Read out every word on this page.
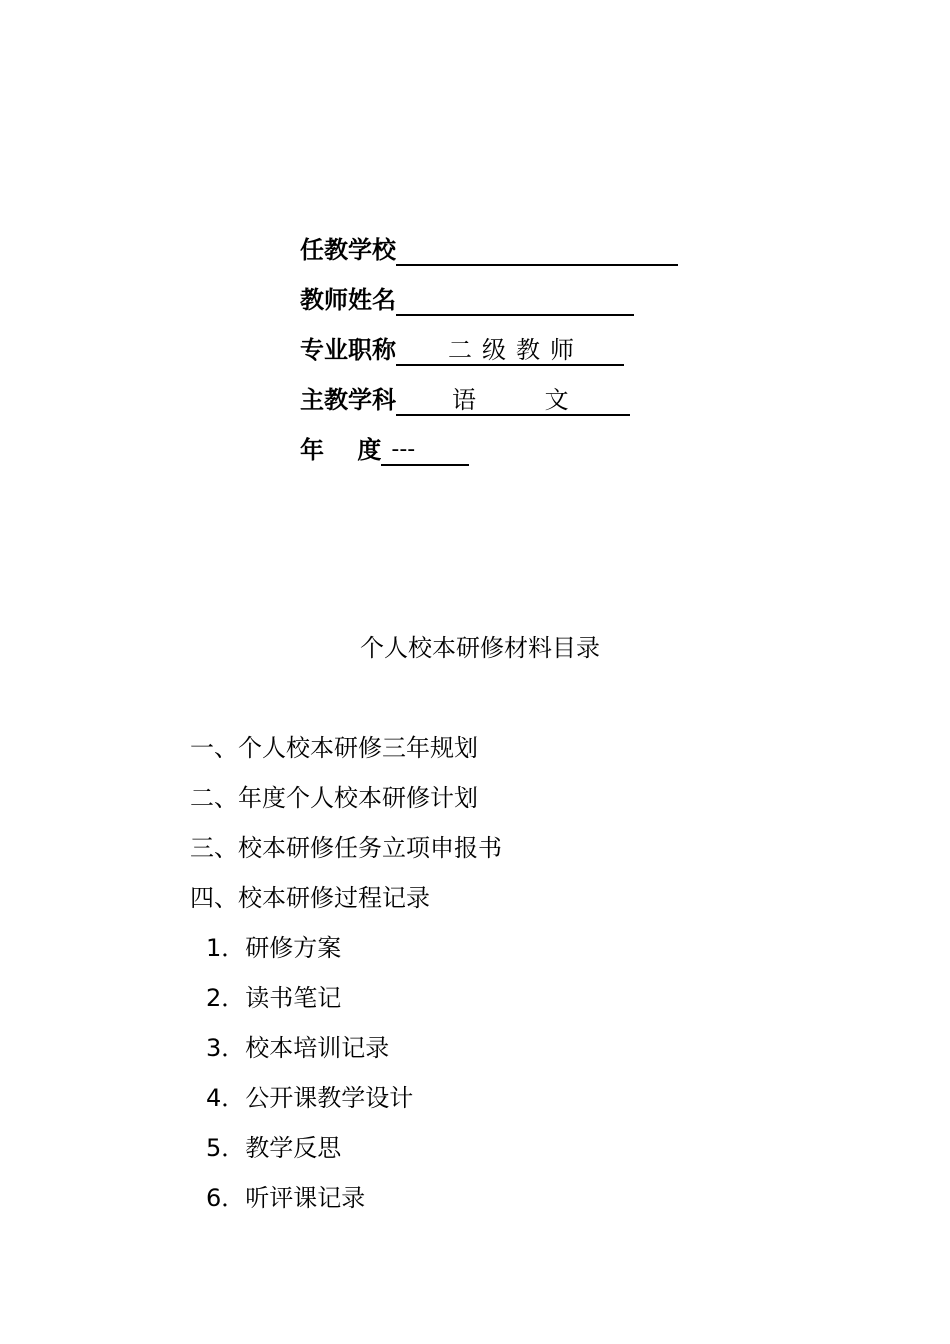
任教学校

教师姓名

专业职称

二级教师

主教学科

语         文

年    度

---

个人校本研修材料目录
一、个人校本研修三年规划
二、年度个人校本研修计划
三、校本研修任务立项申报书
四、校本研修过程记录
1．研修方案
2．读书笔记
3．校本培训记录
4．公开课教学设计
5．教学反思
6．听评课记录
